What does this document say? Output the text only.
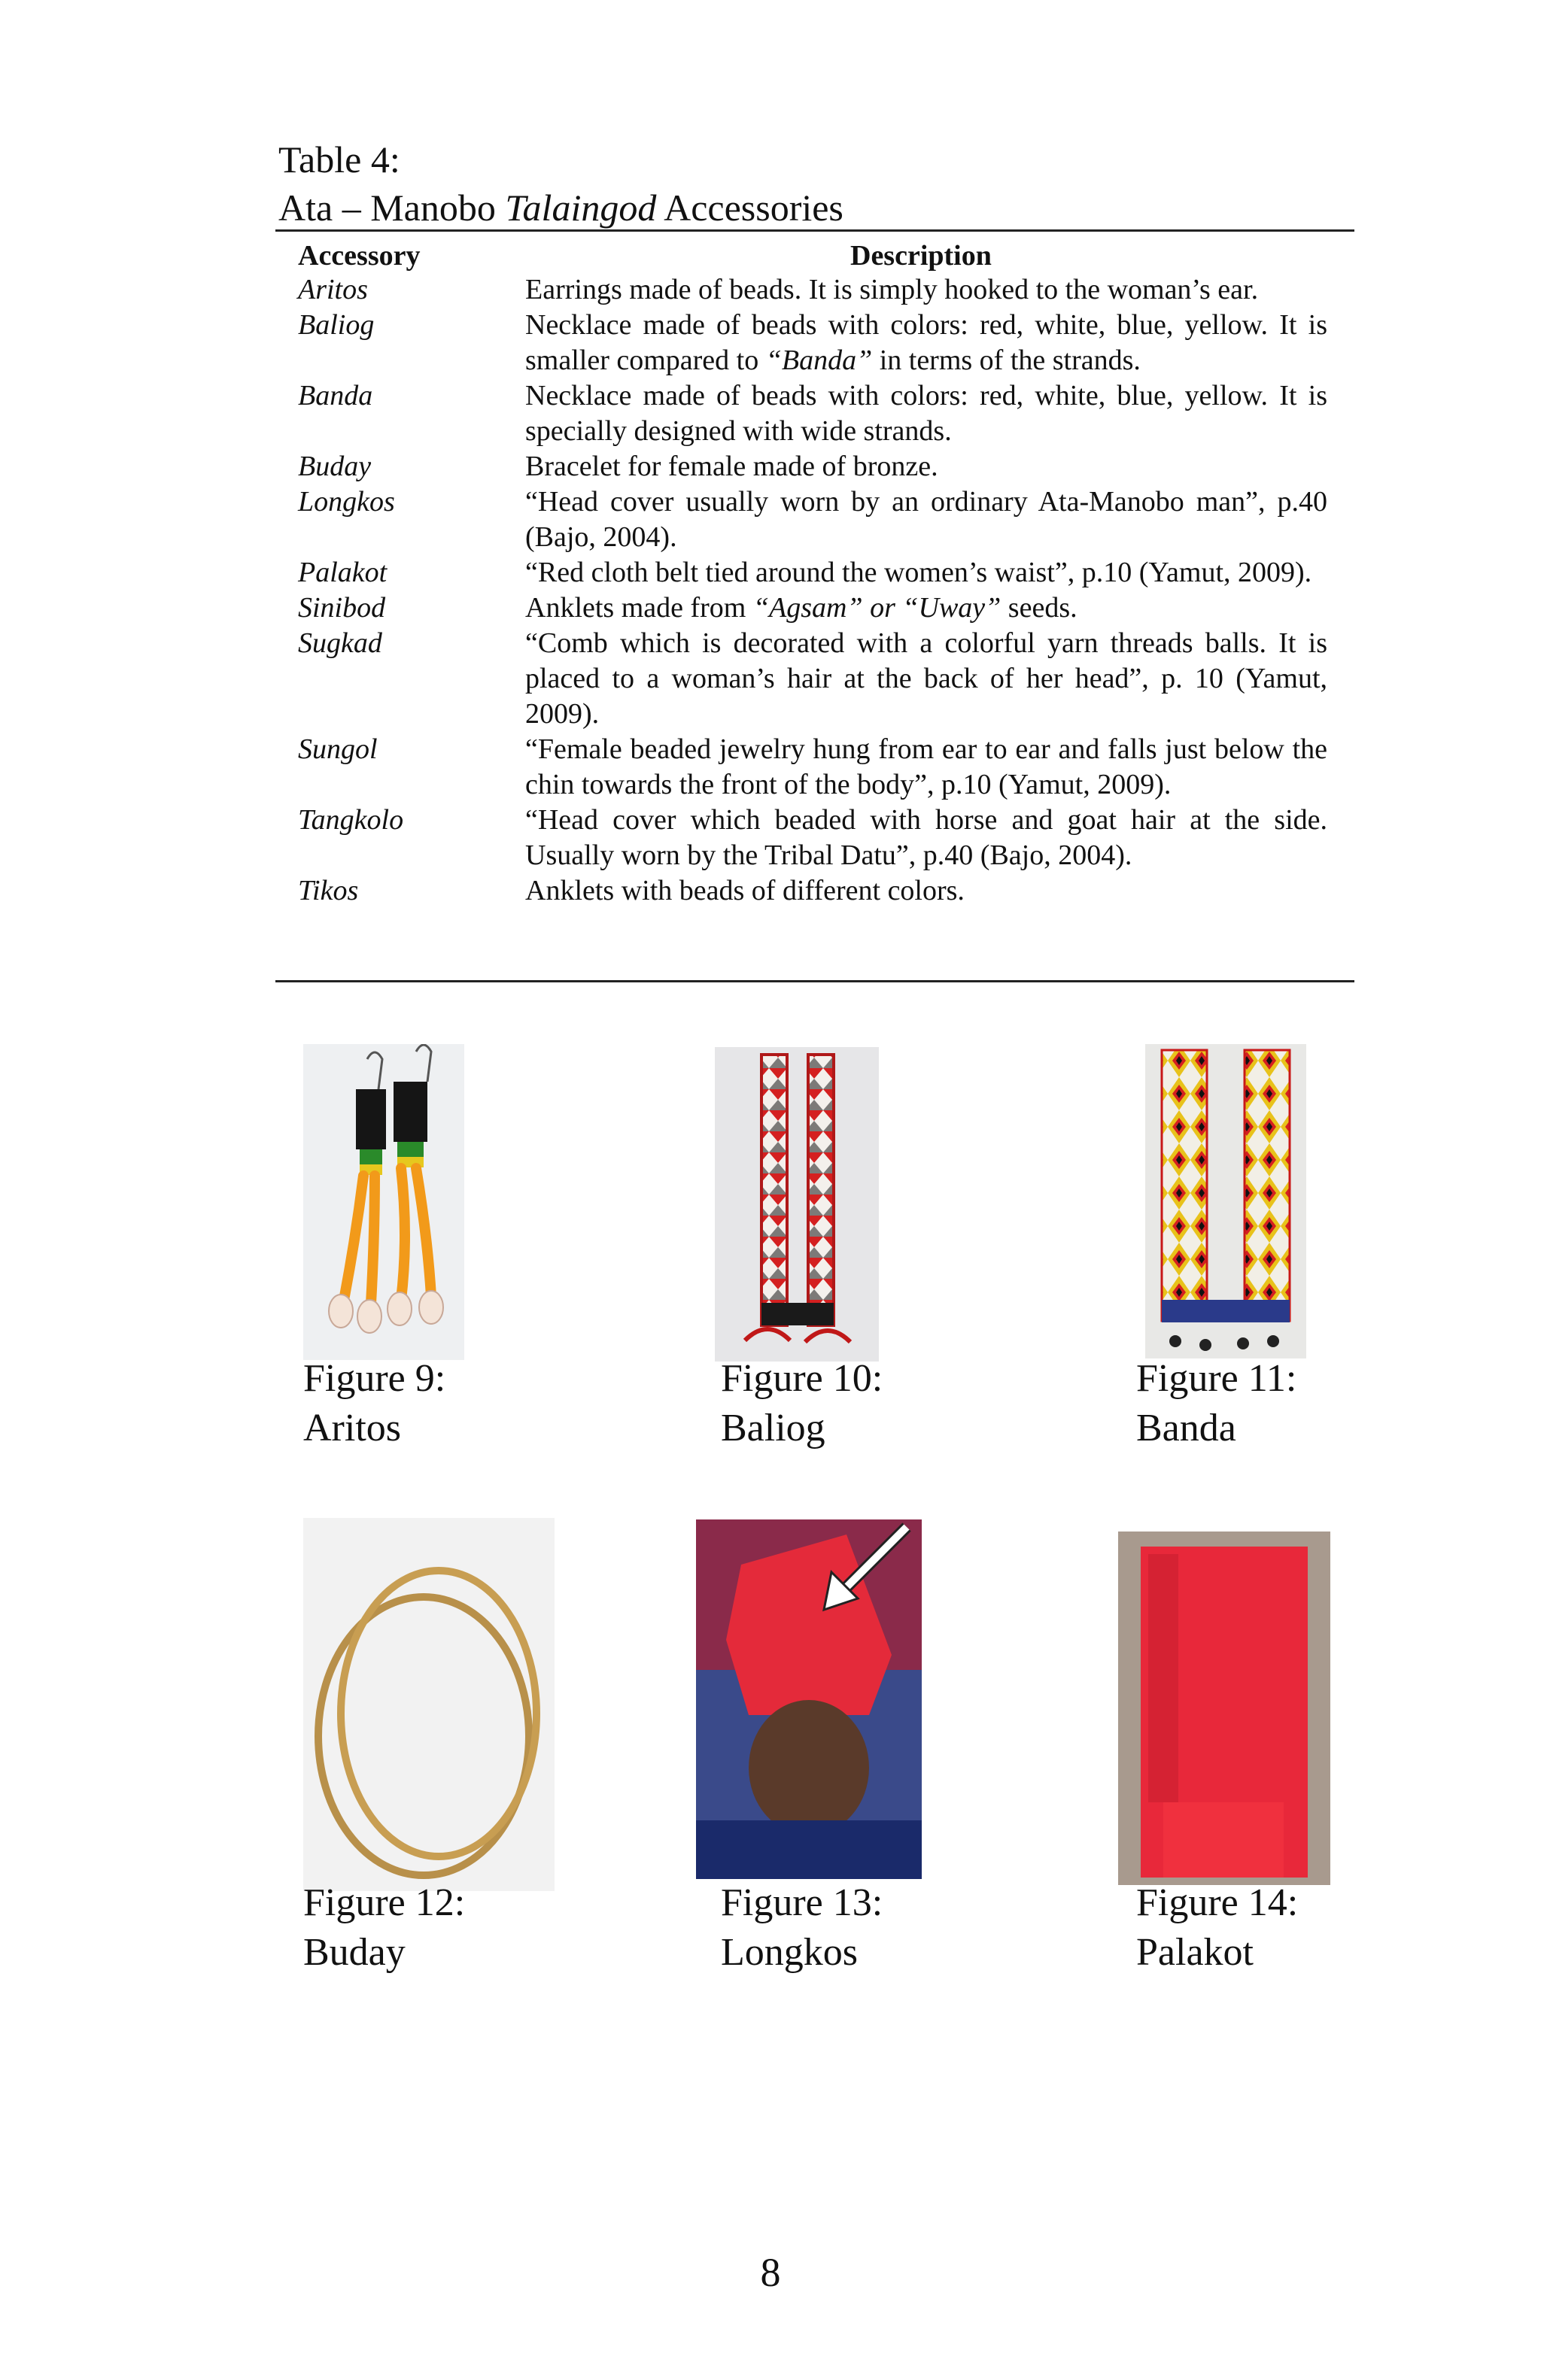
Table 4:
Ata – Manobo Talaingod Accessories
Accessory	Description
Aritos	Earrings made of beads. It is simply hooked to the woman’s ear.
Baliog	Necklace made of beads with colors: red, white, blue, yellow. It is smaller compared to “Banda” in terms of the strands.
Banda	Necklace made of beads with colors: red, white, blue, yellow. It is specially designed with wide strands.
Buday	Bracelet for female made of bronze.
Longkos	“Head cover usually worn by an ordinary Ata-Manobo man”, p.40 (Bajo, 2004).
Palakot	“Red cloth belt tied around the women’s waist”, p.10 (Yamut, 2009).
Sinibod	Anklets made from “Agsam” or “Uway” seeds.
Sugkad	“Comb which is decorated with a colorful yarn threads balls. It is placed to a woman’s hair at the back of her head”, p. 10 (Yamut, 2009).
Sungol	“Female beaded jewelry hung from ear to ear and falls just below the chin towards the front of the body”, p.10 (Yamut, 2009).
Tangkolo	“Head cover which beaded with horse and goat hair at the side. Usually worn by the Tribal Datu”, p.40 (Bajo, 2004).
Tikos	Anklets with beads of different colors.
Figure 9:
Aritos
Figure 10:
Baliog
Figure 11:
Banda
Figure 12:
Buday
Figure 13:
Longkos
Figure 14:
Palakot
8
